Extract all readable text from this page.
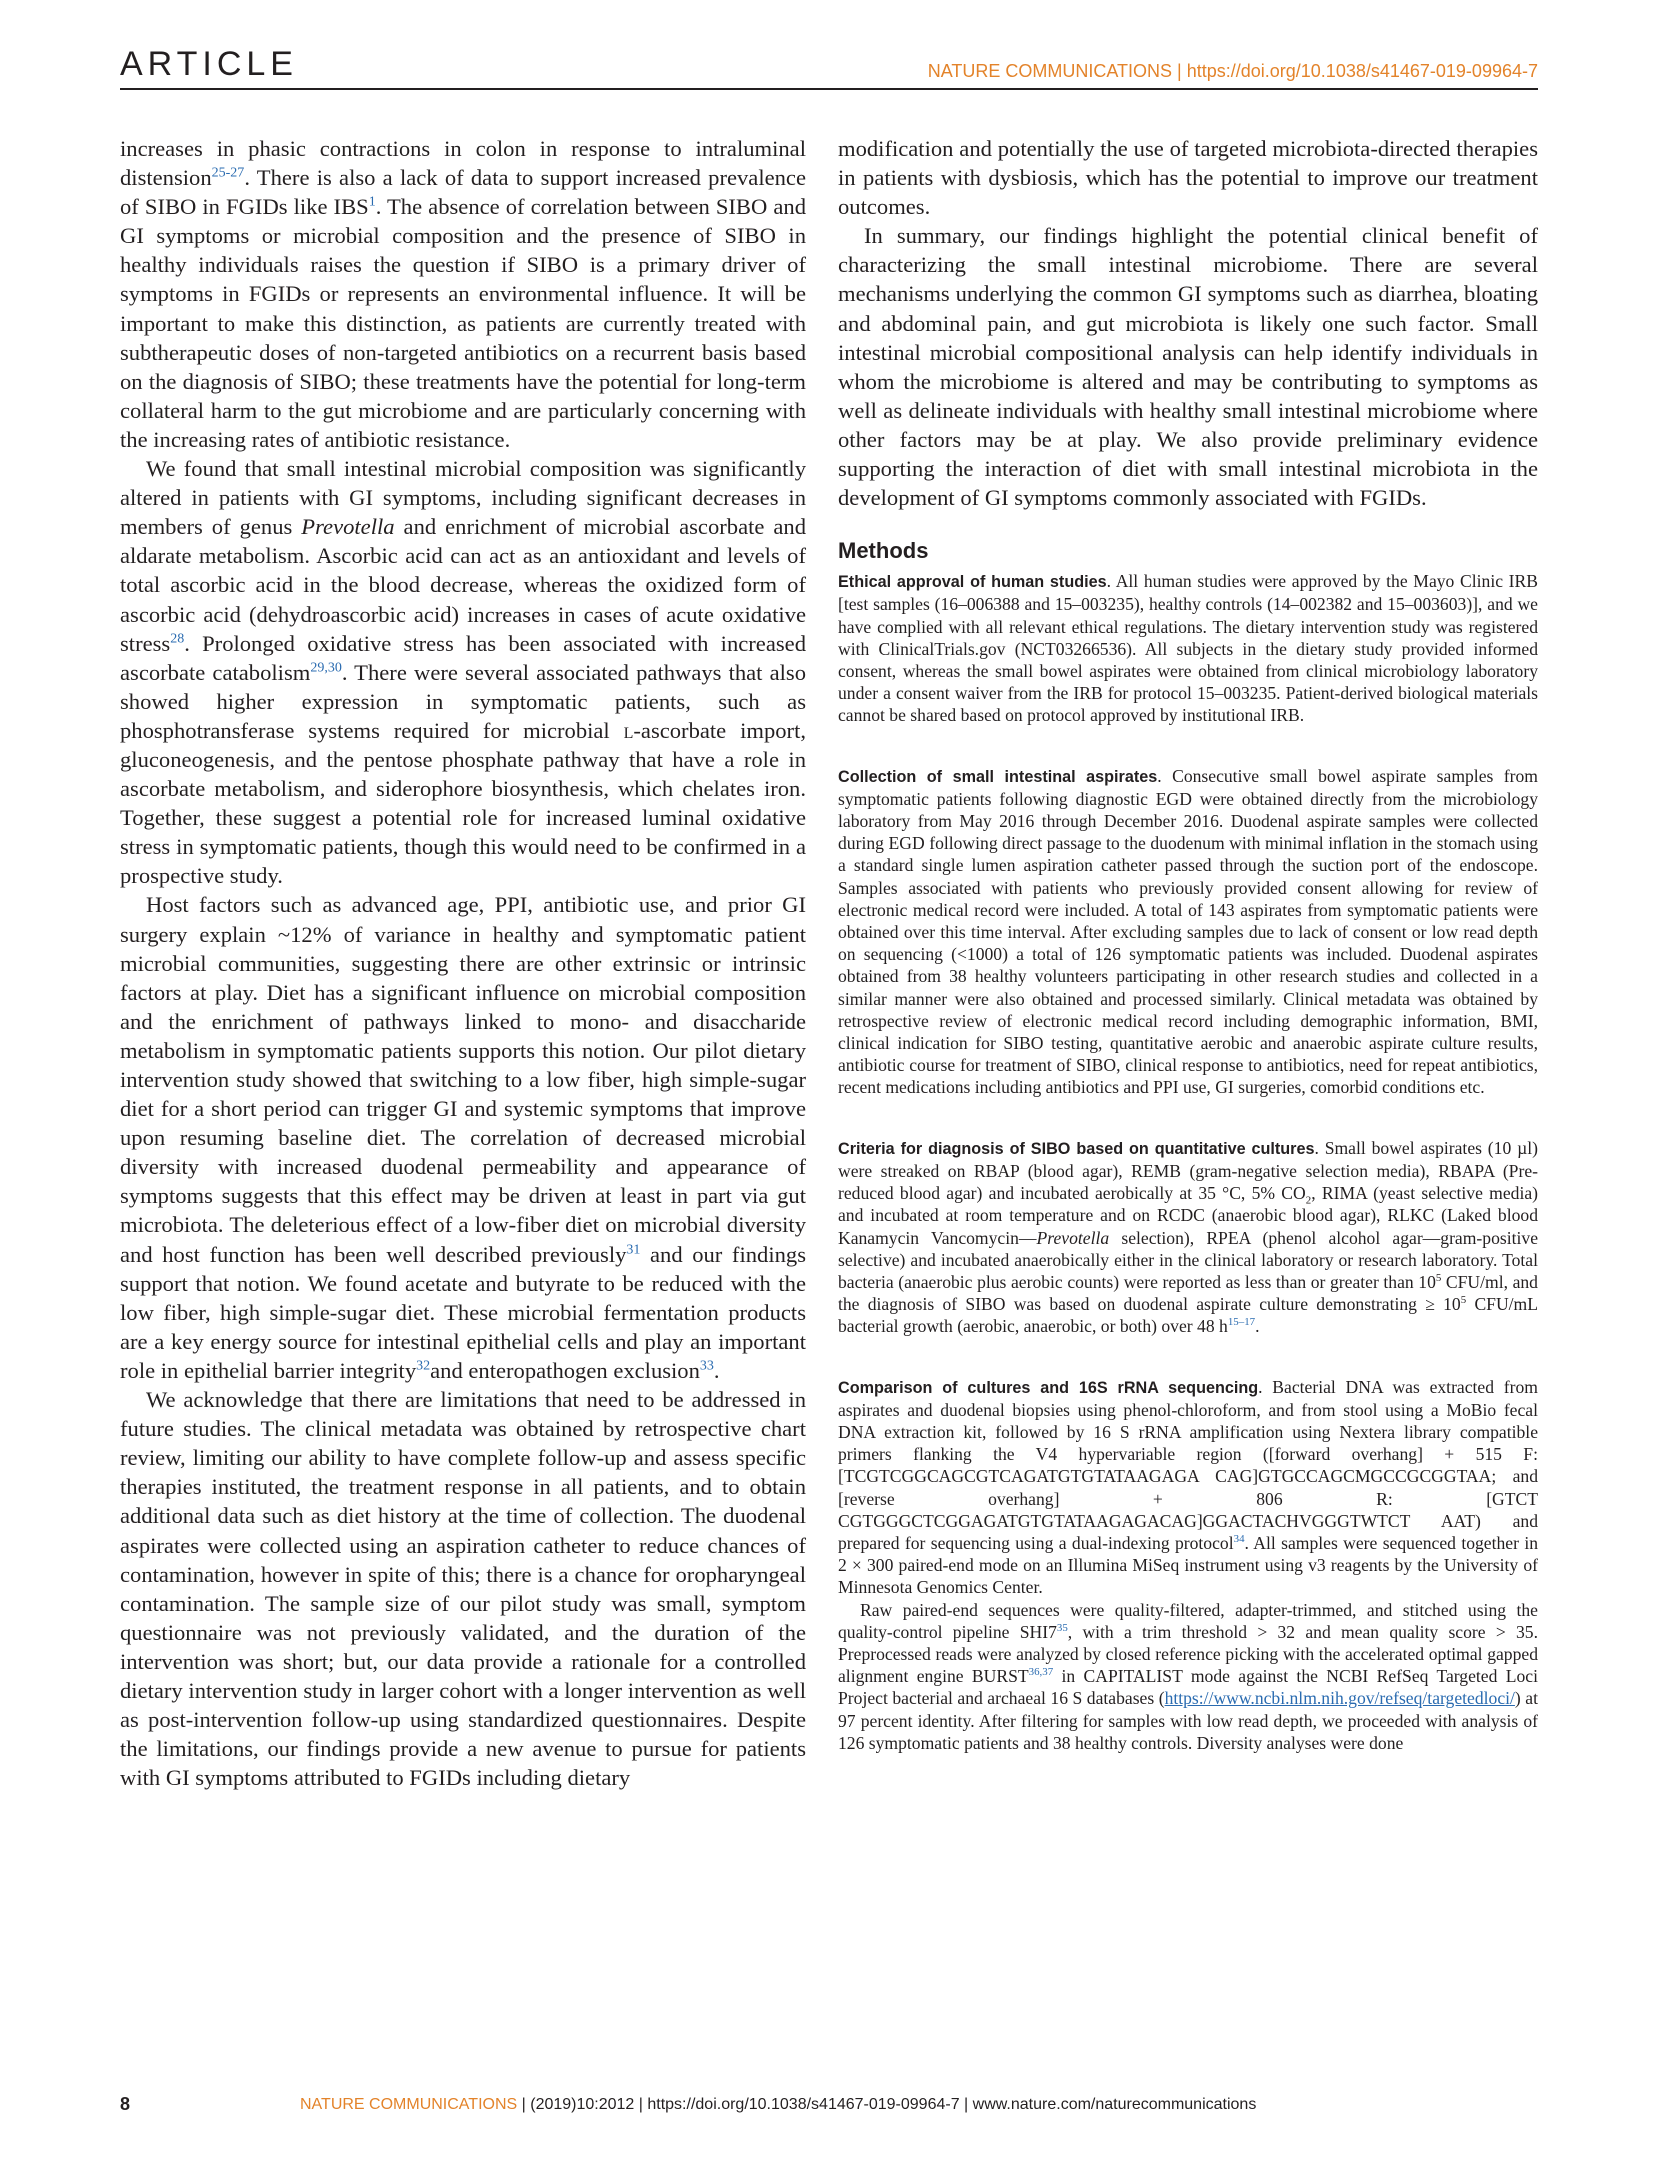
ARTICLE	NATURE COMMUNICATIONS | https://doi.org/10.1038/s41467-019-09964-7

increases in phasic contractions in colon in response to intraluminal distension$^{25-27}$. There is also a lack of data to support increased prevalence of SIBO in FGIDs like IBS$^1$. The absence of correlation between SIBO and GI symptoms or microbial composition and the presence of SIBO in healthy individuals raises the question if SIBO is a primary driver of symptoms in FGIDs or represents an environmental influence. It will be important to make this distinction, as patients are currently treated with subtherapeutic doses of non-targeted antibiotics on a recurrent basis based on the diagnosis of SIBO; these treatments have the potential for long-term collateral harm to the gut microbiome and are particularly concerning with the increasing rates of antibiotic resistance.

We found that small intestinal microbial composition was significantly altered in patients with GI symptoms, including significant decreases in members of genus Prevotella and enrichment of microbial ascorbate and aldarate metabolism. Ascorbic acid can act as an antioxidant and levels of total ascorbic acid in the blood decrease, whereas the oxidized form of ascorbic acid (dehydroascorbic acid) increases in cases of acute oxidative stress$^{28}$. Prolonged oxidative stress has been associated with increased ascorbate catabolism$^{29,30}$. There were several associated pathways that also showed higher expression in symptomatic patients, such as phosphotransferase systems required for microbial l-ascorbate import, gluconeogenesis, and the pentose phosphate pathway that have a role in ascorbate metabolism, and siderophore biosynthesis, which chelates iron. Together, these suggest a potential role for increased luminal oxidative stress in symptomatic patients, though this would need to be confirmed in a prospective study.

Host factors such as advanced age, PPI, antibiotic use, and prior GI surgery explain ~12% of variance in healthy and symptomatic patient microbial communities, suggesting there are other extrinsic or intrinsic factors at play. Diet has a significant influence on microbial composition and the enrichment of pathways linked to mono- and disaccharide metabolism in symptomatic patients supports this notion. Our pilot dietary intervention study showed that switching to a low fiber, high simple-sugar diet for a short period can trigger GI and systemic symptoms that improve upon resuming baseline diet. The correlation of decreased microbial diversity with increased duodenal permeability and appearance of symptoms suggests that this effect may be driven at least in part via gut microbiota. The deleterious effect of a low-fiber diet on microbial diversity and host function has been well described previously$^{31}$ and our findings support that notion. We found acetate and butyrate to be reduced with the low fiber, high simple-sugar diet. These microbial fermentation products are a key energy source for intestinal epithelial cells and play an important role in epithelial barrier integrity$^{32}$and enteropathogen exclusion$^{33}$.

We acknowledge that there are limitations that need to be addressed in future studies. The clinical metadata was obtained by retrospective chart review, limiting our ability to have complete follow-up and assess specific therapies instituted, the treatment response in all patients, and to obtain additional data such as diet history at the time of collection. The duodenal aspirates were collected using an aspiration catheter to reduce chances of contamination, however in spite of this; there is a chance for oropharyngeal contamination. The sample size of our pilot study was small, symptom questionnaire was not previously validated, and the duration of the intervention was short; but, our data provide a rationale for a controlled dietary intervention study in larger cohort with a longer intervention as well as post-intervention follow-up using standardized questionnaires. Despite the limitations, our findings provide a new avenue to pursue for patients with GI symptoms attributed to FGIDs including dietary

modification and potentially the use of targeted microbiota-directed therapies in patients with dysbiosis, which has the potential to improve our treatment outcomes.

In summary, our findings highlight the potential clinical benefit of characterizing the small intestinal microbiome. There are several mechanisms underlying the common GI symptoms such as diarrhea, bloating and abdominal pain, and gut microbiota is likely one such factor. Small intestinal microbial compositional analysis can help identify individuals in whom the microbiome is altered and may be contributing to symptoms as well as delineate individuals with healthy small intestinal microbiome where other factors may be at play. We also provide preliminary evidence supporting the interaction of diet with small intestinal microbiota in the development of GI symptoms commonly associated with FGIDs.

Methods

Ethical approval of human studies. All human studies were approved by the Mayo Clinic IRB [test samples (16–006388 and 15–003235), healthy controls (14–002382 and 15–003603)], and we have complied with all relevant ethical regulations. The dietary intervention study was registered with ClinicalTrials.gov (NCT03266536). All subjects in the dietary study provided informed consent, whereas the small bowel aspirates were obtained from clinical microbiology laboratory under a consent waiver from the IRB for protocol 15–003235. Patient-derived biological materials cannot be shared based on protocol approved by institutional IRB.

Collection of small intestinal aspirates. Consecutive small bowel aspirate samples from symptomatic patients following diagnostic EGD were obtained directly from the microbiology laboratory from May 2016 through December 2016. Duodenal aspirate samples were collected during EGD following direct passage to the duodenum with minimal inflation in the stomach using a standard single lumen aspiration catheter passed through the suction port of the endoscope. Samples associated with patients who previously provided consent allowing for review of electronic medical record were included. A total of 143 aspirates from symptomatic patients were obtained over this time interval. After excluding samples due to lack of consent or low read depth on sequencing (<1000) a total of 126 symptomatic patients was included. Duodenal aspirates obtained from 38 healthy volunteers participating in other research studies and collected in a similar manner were also obtained and processed similarly. Clinical metadata was obtained by retrospective review of electronic medical record including demographic information, BMI, clinical indication for SIBO testing, quantitative aerobic and anaerobic aspirate culture results, antibiotic course for treatment of SIBO, clinical response to antibiotics, need for repeat antibiotics, recent medications including antibiotics and PPI use, GI surgeries, comorbid conditions etc.

Criteria for diagnosis of SIBO based on quantitative cultures. Small bowel aspirates (10 µl) were streaked on RBAP (blood agar), REMB (gram-negative selection media), RBAPA (Pre-reduced blood agar) and incubated aerobically at 35 °C, 5% $CO_2$, RIMA (yeast selective media) and incubated at room temperature and on RCDC (anaerobic blood agar), RLKC (Laked blood Kanamycin Vancomycin—Prevotella selection), RPEA (phenol alcohol agar—gram-positive selective) and incubated anaerobically either in the clinical laboratory or research laboratory. Total bacteria (anaerobic plus aerobic counts) were reported as less than or greater than $10^5$ CFU/ml, and the diagnosis of SIBO was based on duodenal aspirate culture demonstrating ≥ $10^5$ CFU/mL bacterial growth (aerobic, anaerobic, or both) over 48 h$^{15-17}$.

Comparison of cultures and 16S rRNA sequencing. Bacterial DNA was extracted from aspirates and duodenal biopsies using phenol-chloroform, and from stool using a MoBio fecal DNA extraction kit, followed by 16 S rRNA amplification using Nextera library compatible primers flanking the V4 hypervariable region ([forward overhang] + 515 F: [TCGTCGGCAGCGTCAGATGTGTATAAGAGA CAG]GTGCCAGCMGCCGCGGTAA; and [reverse overhang] + 806 R: [GTCT CGTGGGCTCGGAGATGTGTATAAGAGACAG]GGACTACHVGGGTWTCT AAT) and prepared for sequencing using a dual-indexing protocol$^{34}$. All samples were sequenced together in 2 × 300 paired-end mode on an Illumina MiSeq instrument using v3 reagents by the University of Minnesota Genomics Center.

Raw paired-end sequences were quality-filtered, adapter-trimmed, and stitched using the quality-control pipeline SHI7$^{35}$, with a trim threshold > 32 and mean quality score > 35. Preprocessed reads were analyzed by closed reference picking with the accelerated optimal gapped alignment engine BURST$^{36,37}$ in CAPITALIST mode against the NCBI RefSeq Targeted Loci Project bacterial and archaeal 16 S databases (https://www.ncbi.nlm.nih.gov/refseq/targetedloci/) at 97 percent identity. After filtering for samples with low read depth, we proceeded with analysis of 126 symptomatic patients and 38 healthy controls. Diversity analyses were done

8	NATURE COMMUNICATIONS | (2019)10:2012 | https://doi.org/10.1038/s41467-019-09964-7 | www.nature.com/naturecommunications
